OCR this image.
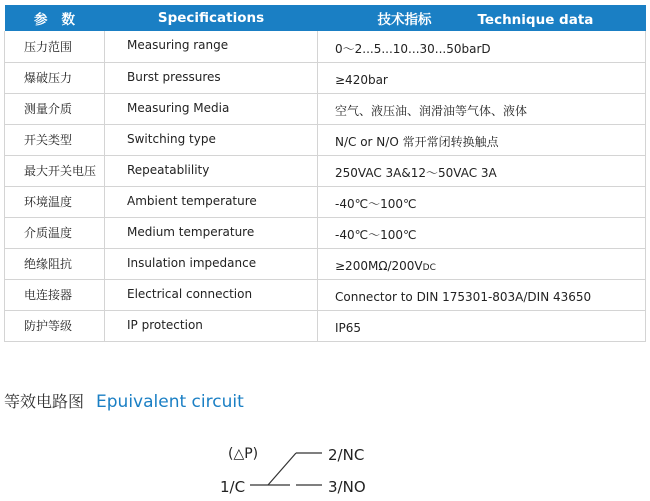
参数	Specifications	技术指标 Technique data
压力范围	Measuring range	0～2...5...10...30...50barD
爆破压力	Burst pressures	≥420bar
测量介质	Measuring Media	空气、液压油、润滑油等气体、液体
开关类型	Switching type	N/C or N/O 常开常闭转换触点
最大开关电压	Repeatablility	250VAC 3A&12～50VAC 3A
环境温度	Ambient temperature	-40℃～100℃
介质温度	Medium temperature	-40℃～100℃
绝缘阻抗	Insulation impedance	≥200MΩ/200VDC
电连接器	Electrical connection	Connector to DIN 175301-803A/DIN 43650
防护等级	IP protection	IP65
等效电路图 Epuivalent circuit
(△P)	2/NC
3/NO
1/C
